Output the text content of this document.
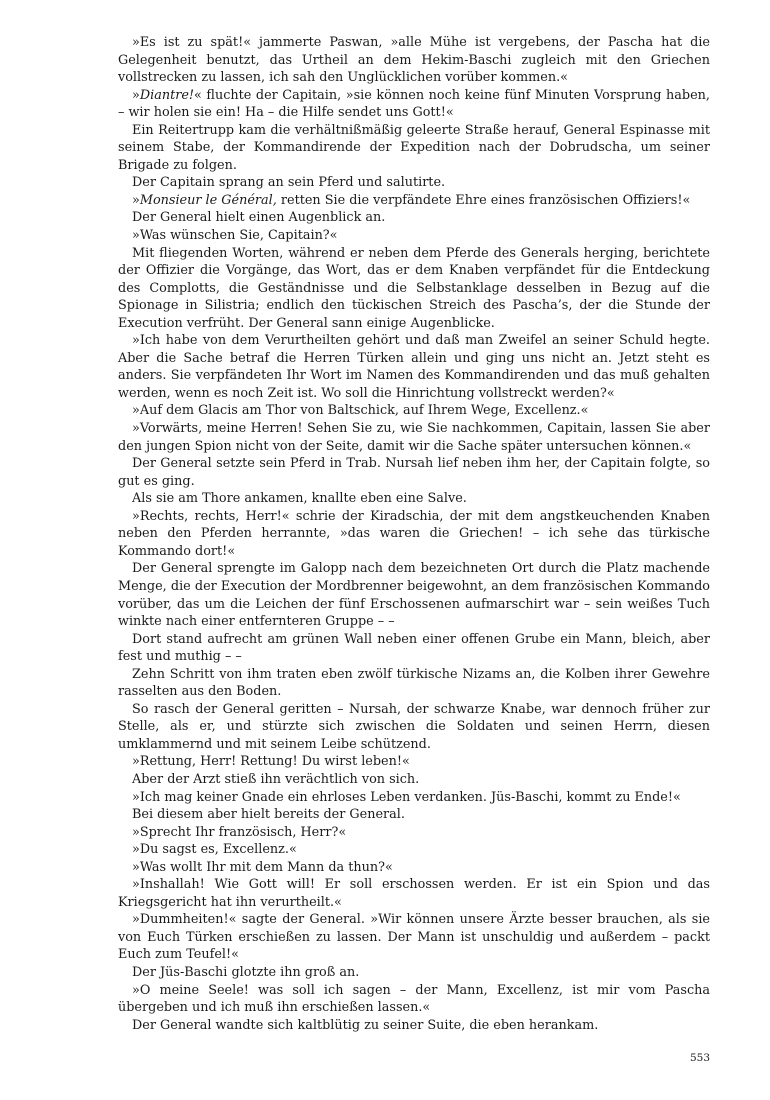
»Es ist zu spät!« jammerte Paswan, »alle Mühe ist vergebens, der Pascha hat die Gelegenheit benutzt, das Urtheil an dem Hekim-Baschi zugleich mit den Griechen vollstrecken zu lassen, ich sah den Unglücklichen vorüber kommen.«

»Diantre!« fluchte der Capitain, »sie können noch keine fünf Minuten Vorsprung haben, – wir holen sie ein! Ha – die Hilfe sendet uns Gott!«

Ein Reitertrupp kam die verhältnißmäßig geleerte Straße herauf, General Espinasse mit seinem Stabe, der Kommandirende der Expedition nach der Dobrudscha, um seiner Brigade zu folgen.

Der Capitain sprang an sein Pferd und salutirte.

»Monsieur le Général, retten Sie die verpfändete Ehre eines französischen Offiziers!«

Der General hielt einen Augenblick an.

»Was wünschen Sie, Capitain?«

Mit fliegenden Worten, während er neben dem Pferde des Generals herging, berichtete der Offizier die Vorgänge, das Wort, das er dem Knaben verpfändet für die Entdeckung des Complotts, die Geständnisse und die Selbstanklage desselben in Bezug auf die Spionage in Silistria; endlich den tückischen Streich des Pascha’s, der die Stunde der Execution verfrüht. Der General sann einige Augenblicke.

»Ich habe von dem Verurtheilten gehört und daß man Zweifel an seiner Schuld hegte. Aber die Sache betraf die Herren Türken allein und ging uns nicht an. Jetzt steht es anders. Sie verpfändeten Ihr Wort im Namen des Kommandirenden und das muß gehalten werden, wenn es noch Zeit ist. Wo soll die Hinrichtung vollstreckt werden?«

»Auf dem Glacis am Thor von Baltschick, auf Ihrem Wege, Excellenz.«

»Vorwärts, meine Herren! Sehen Sie zu, wie Sie nachkommen, Capitain, lassen Sie aber den jungen Spion nicht von der Seite, damit wir die Sache später untersuchen können.«

Der General setzte sein Pferd in Trab. Nursah lief neben ihm her, der Capitain folgte, so gut es ging.

Als sie am Thore ankamen, knallte eben eine Salve.

»Rechts, rechts, Herr!« schrie der Kiradschia, der mit dem angstkeuchenden Knaben neben den Pferden herrannte, »das waren die Griechen! – ich sehe das türkische Kommando dort!«

Der General sprengte im Galopp nach dem bezeichneten Ort durch die Platz machende Menge, die der Execution der Mordbrenner beigewohnt, an dem französischen Kommando vorüber, das um die Leichen der fünf Erschossenen aufmarschirt war – sein weißes Tuch winkte nach einer entfernteren Gruppe – –

Dort stand aufrecht am grünen Wall neben einer offenen Grube ein Mann, bleich, aber fest und muthig – –

Zehn Schritt von ihm traten eben zwölf türkische Nizams an, die Kolben ihrer Gewehre rasselten aus den Boden.

So rasch der General geritten – Nursah, der schwarze Knabe, war dennoch früher zur Stelle, als er, und stürzte sich zwischen die Soldaten und seinen Herrn, diesen umklammernd und mit seinem Leibe schützend.

»Rettung, Herr! Rettung! Du wirst leben!«

Aber der Arzt stieß ihn verächtlich von sich.

»Ich mag keiner Gnade ein ehrloses Leben verdanken. Jüs-Baschi, kommt zu Ende!«

Bei diesem aber hielt bereits der General.

»Sprecht Ihr französisch, Herr?«

»Du sagst es, Excellenz.«

»Was wollt Ihr mit dem Mann da thun?«

»Inshallah! Wie Gott will! Er soll erschossen werden. Er ist ein Spion und das Kriegsgericht hat ihn verurtheilt.«

»Dummheiten!« sagte der General. »Wir können unsere Ärzte besser brauchen, als sie von Euch Türken erschießen zu lassen. Der Mann ist unschuldig und außerdem – packt Euch zum Teufel!«

Der Jüs-Baschi glotzte ihn groß an.

»O meine Seele! was soll ich sagen – der Mann, Excellenz, ist mir vom Pascha übergeben und ich muß ihn erschießen lassen.«

Der General wandte sich kaltblütig zu seiner Suite, die eben herankam.

553
